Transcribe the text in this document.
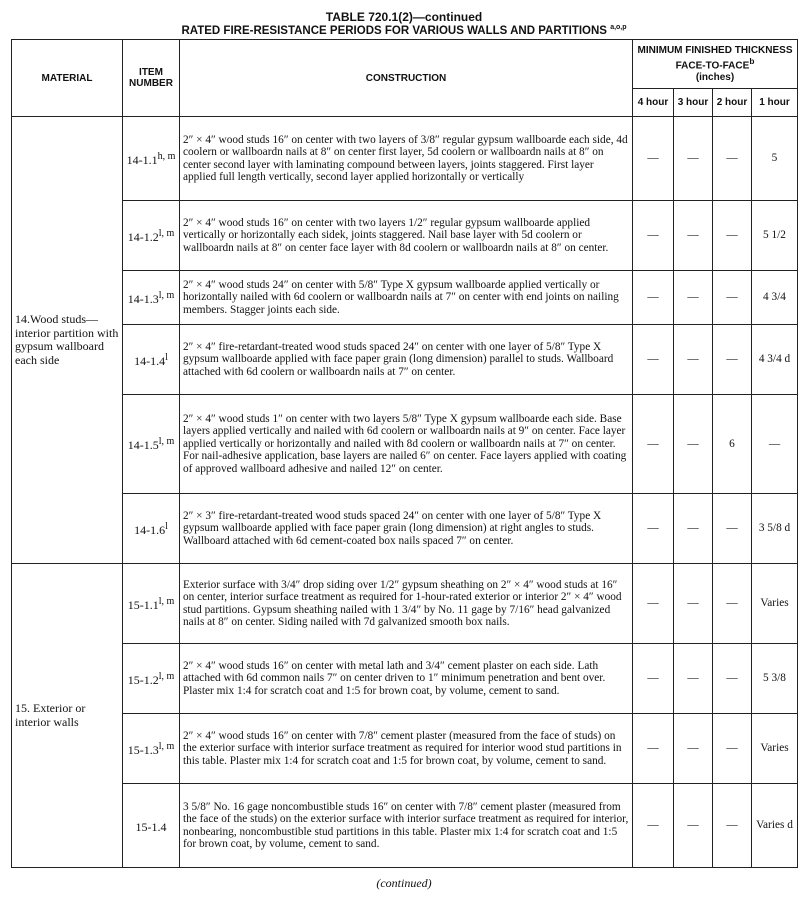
TABLE 720.1(2)—continued
RATED FIRE-RESISTANCE PERIODS FOR VARIOUS WALLS AND PARTITIONS $^{a,o,p}$
MATERIAL	ITEM NUMBER	CONSTRUCTION	MINIMUM FINISHED THICKNESS FACE-TO-FACE$^b$
(inches)			

			4 hour	3 hour	2 hour	1 hour
14.Wood studs—interior partition with gypsum wallboard each side	14-1.1$^{h, m}$	2″ × 4″ wood studs 16″ on center with two layers of 3/8″ regular gypsum wallboarde each side, 4d coolern or wallboardn nails at 8″ on center first layer, 5d coolern or wallboardn nails at 8″ on center second layer with laminating compound between layers, joints staggered. First layer applied full length vertically, second layer applied horizontally or vertically	—	—	—	5
	14-1.2$^{l, m}$	2″ × 4″ wood studs 16″ on center with two layers 1/2″ regular gypsum wallboarde applied vertically or horizontally each sidek, joints staggered. Nail base layer with 5d coolern or wallboardn nails at 8″ on center face layer with 8d coolern or wallboardn nails at 8″ on center.	—	—	—	5 1/2
	14-1.3$^{l, m}$	2″ × 4″ wood studs 24″ on center with 5/8″ Type X gypsum wallboarde applied vertically or horizontally nailed with 6d coolern or wallboardn nails at 7″ on center with end joints on nailing members. Stagger joints each side.	—	—	—	4 3/4
	14-1.4$^l$	2″ × 4″ fire-retardant-treated wood studs spaced 24″ on center with one layer of 5/8″ Type X gypsum wallboarde applied with face paper grain (long dimension) parallel to studs. Wallboard attached with 6d coolern or wallboardn nails at 7″ on center.	—	—	—	4 3/4 d
	14-1.5$^{l, m}$	2″ × 4″ wood studs 1″ on center with two layers 5/8″ Type X gypsum wallboarde each side. Base layers applied vertically and nailed with 6d coolern or wallboardn nails at 9″ on center. Face layer applied vertically or horizontally and nailed with 8d coolern or wallboardn nails at 7″ on center. For nail-adhesive application, base layers are nailed 6″ on center. Face layers applied with coating of approved wallboard adhesive and nailed 12″ on center.	—	—	6	—
	14-1.6$^l$	2″ × 3″ fire-retardant-treated wood studs spaced 24″ on center with one layer of 5/8″ Type X gypsum wallboarde applied with face paper grain (long dimension) at right angles to studs. Wallboard attached with 6d cement-coated box nails spaced 7″ on center.	—	—	—	3 5/8 d
15. Exterior or interior walls	15-1.1$^{l, m}$	Exterior surface with 3/4″ drop siding over 1/2″ gypsum sheathing on 2″ × 4″ wood studs at 16″ on center, interior surface treatment as required for 1-hour-rated exterior or interior 2″ × 4″ wood stud partitions. Gypsum sheathing nailed with 1 3/4″ by No. 11 gage by 7/16″ head galvanized nails at 8″ on center. Siding nailed with 7d galvanized smooth box nails.	—	—	—	Varies
	15-1.2$^{l, m}$	2″ × 4″ wood studs 16″ on center with metal lath and 3/4″ cement plaster on each side. Lath attached with 6d common nails 7″ on center driven to 1″ minimum penetration and bent over. Plaster mix 1:4 for scratch coat and 1:5 for brown coat, by volume, cement to sand.	—	—	—	5 3/8
	15-1.3$^{l, m}$	2″ × 4″ wood studs 16″ on center with 7/8″ cement plaster (measured from the face of studs) on the exterior surface with interior surface treatment as required for interior wood stud partitions in this table. Plaster mix 1:4 for scratch coat and 1:5 for brown coat, by volume, cement to sand.	—	—	—	Varies
	15-1.4	3 5/8″ No. 16 gage noncombustible studs 16″ on center with 7/8″ cement plaster (measured from the face of the studs) on the exterior surface with interior surface treatment as required for interior, nonbearing, noncombustible stud partitions in this table. Plaster mix 1:4 for scratch coat and 1:5 for brown coat, by volume, cement to sand.	—	—	—	Varies d
(continued)
